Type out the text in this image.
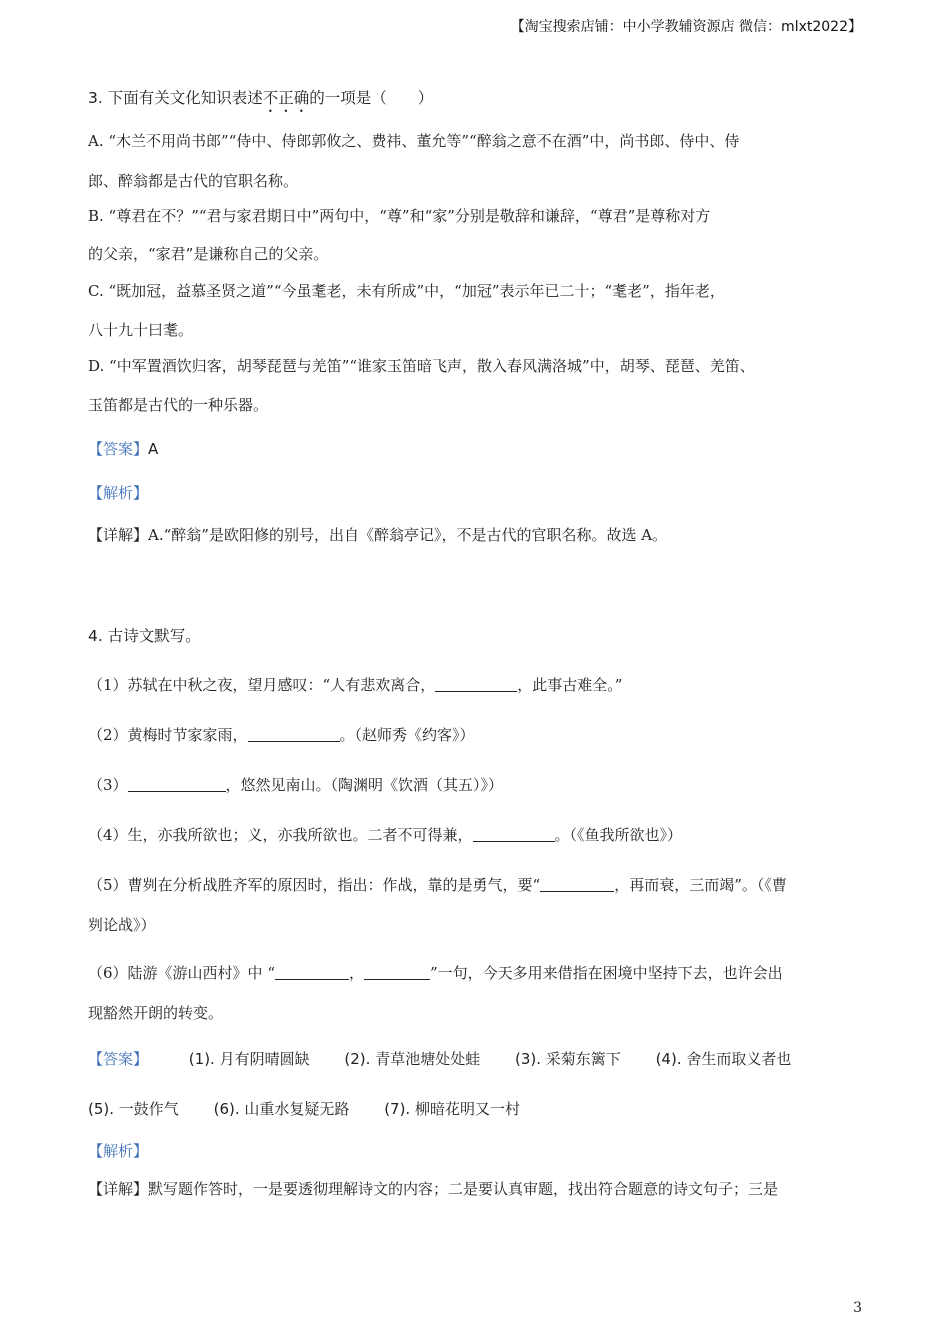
【淘宝搜索店铺：中小学教辅资源店 微信：mlxt2022】
3. 下面有关文化知识表述不正确的一项是（　　）
A. “木兰不用尚书郎”“侍中、侍郎郭攸之、费祎、董允等”“醉翁之意不在酒”中，尚书郎、侍中、侍
郎、醉翁都是古代的官职名称。
B. “尊君在不？”“君与家君期日中”两句中，“尊”和“家”分别是敬辞和谦辞，“尊君”是尊称对方
的父亲，“家君”是谦称自己的父亲。
C. “既加冠，益慕圣贤之道”“今虽耄老，未有所成”中，“加冠”表示年已二十；“耄老”，指年老，
八十九十曰耄。
D. “中军置酒饮归客，胡琴琵琶与羌笛”“谁家玉笛暗飞声，散入春风满洛城”中，胡琴、琵琶、羌笛、
玉笛都是古代的一种乐器。
【答案】A
【解析】
【详解】A.“醉翁”是欧阳修的别号，出自《醉翁亭记》，不是古代的官职名称。故选 A。
4. 古诗文默写。
（1）苏轼在中秋之夜，望月感叹：“人有悲欢离合，	，此事古难全。”
（2）黄梅时节家家雨，	。（赵师秀《约客》）
（3）	，悠然见南山。（陶渊明《饮酒（其五）》）
（4）生，亦我所欲也；义，亦我所欲也。二者不可得兼，	。（《鱼我所欲也》）
（5）曹刿在分析战胜齐军的原因时，指出：作战，靠的是勇气，要“	，再而衰，三而竭”。（《曹
刿论战》）
（6）陆游《游山西村》中 “	，	”一句，今天多用来借指在困境中坚持下去，也许会出
现豁然开朗的转变。
【答案】	(1). 月有阴晴圆缺 (2). 青草池塘处处蛙 (3). 采菊东篱下 (4). 舍生而取义者也
(5). 一鼓作气 (6). 山重水复疑无路 (7). 柳暗花明又一村
【解析】
【详解】默写题作答时，一是要透彻理解诗文的内容；二是要认真审题，找出符合题意的诗文句子；三是
3
